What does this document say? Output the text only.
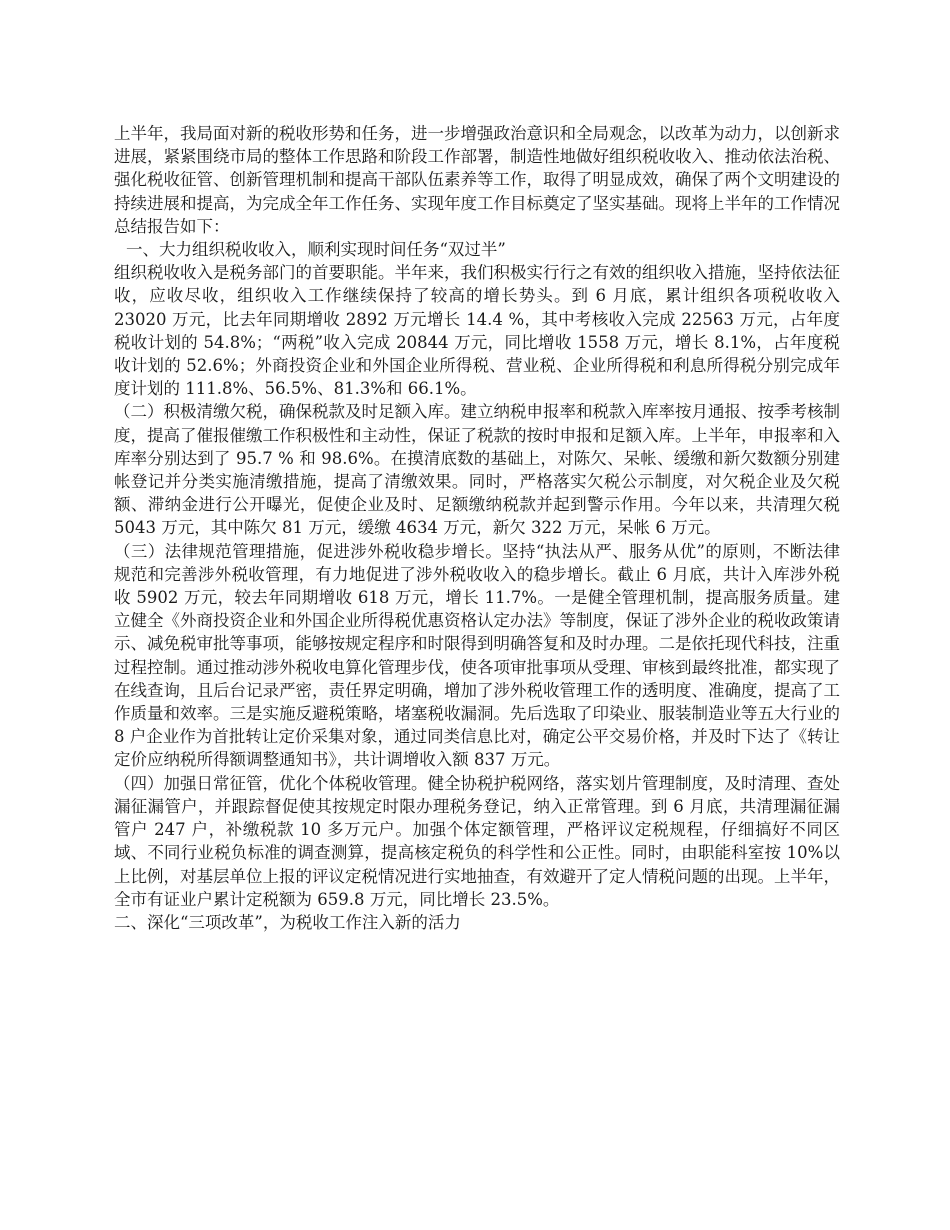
上半年，我局面对新的税收形势和任务，进一步增强政治意识和全局观念，以改革为动力，以创新求进展，紧紧围绕市局的整体工作思路和阶段工作部署，制造性地做好组织税收收入、推动依法治税、强化税收征管、创新管理机制和提高干部队伍素养等工作，取得了明显成效，确保了两个文明建设的持续进展和提高，为完成全年工作任务、实现年度工作目标奠定了坚实基础。现将上半年的工作情况总结报告如下：

一、大力组织税收收入，顺利实现时间任务“双过半”

组织税收收入是税务部门的首要职能。半年来，我们积极实行行之有效的组织收入措施，坚持依法征收，应收尽收，组织收入工作继续保持了较高的增长势头。到 6 月底，累计组织各项税收收入 23020 万元，比去年同期增收 2892 万元增长 14.4 %，其中考核收入完成 22563 万元，占年度税收计划的 54.8%；“两税”收入完成 20844 万元，同比增收 1558 万元，增长 8.1%，占年度税收计划的 52.6%；外商投资企业和外国企业所得税、营业税、企业所得税和利息所得税分别完成年度计划的 111.8%、56.5%、81.3%和 66.1%。

（二）积极清缴欠税，确保税款及时足额入库。建立纳税申报率和税款入库率按月通报、按季考核制度，提高了催报催缴工作积极性和主动性，保证了税款的按时申报和足额入库。上半年，申报率和入库率分别达到了 95.7 % 和 98.6%。在摸清底数的基础上，对陈欠、呆帐、缓缴和新欠数额分别建帐登记并分类实施清缴措施，提高了清缴效果。同时，严格落实欠税公示制度，对欠税企业及欠税额、滞纳金进行公开曝光，促使企业及时、足额缴纳税款并起到警示作用。今年以来，共清理欠税 5043 万元，其中陈欠 81 万元，缓缴 4634 万元，新欠 322 万元，呆帐 6 万元。

（三）法律规范管理措施，促进涉外税收稳步增长。坚持“执法从严、服务从优”的原则，不断法律规范和完善涉外税收管理，有力地促进了涉外税收收入的稳步增长。截止 6 月底，共计入库涉外税收 5902 万元，较去年同期增收 618 万元，增长 11.7%。一是健全管理机制，提高服务质量。建立健全《外商投资企业和外国企业所得税优惠资格认定办法》等制度，保证了涉外企业的税收政策请示、减免税审批等事项，能够按规定程序和时限得到明确答复和及时办理。二是依托现代科技，注重过程控制。通过推动涉外税收电算化管理步伐，使各项审批事项从受理、审核到最终批准，都实现了在线查询，且后台记录严密，责任界定明确，增加了涉外税收管理工作的透明度、准确度，提高了工作质量和效率。三是实施反避税策略，堵塞税收漏洞。先后选取了印染业、服装制造业等五大行业的 8 户企业作为首批转让定价采集对象，通过同类信息比对，确定公平交易价格，并及时下达了《转让定价应纳税所得额调整通知书》，共计调增收入额 837 万元。

（四）加强日常征管，优化个体税收管理。健全协税护税网络，落实划片管理制度，及时清理、查处漏征漏管户，并跟踪督促使其按规定时限办理税务登记，纳入正常管理。到 6 月底，共清理漏征漏管户 247 户，补缴税款 10 多万元户。加强个体定额管理，严格评议定税规程，仔细搞好不同区域、不同行业税负标准的调查测算，提高核定税负的科学性和公正性。同时，由职能科室按 10%以上比例，对基层单位上报的评议定税情况进行实地抽查，有效避开了定人情税问题的出现。上半年，全市有证业户累计定税额为 659.8 万元，同比增长 23.5%。

二、深化“三项改革”，为税收工作注入新的活力
